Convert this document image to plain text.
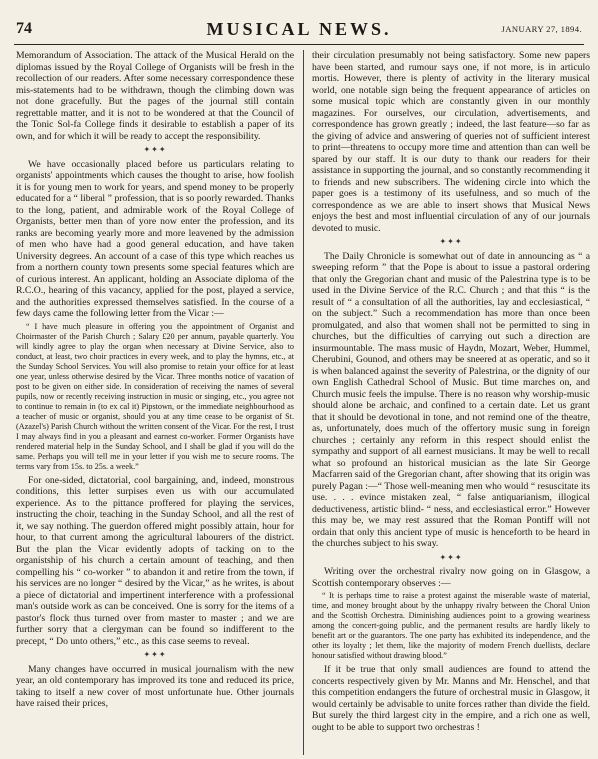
74	MUSICAL NEWS.	JANUARY 27, 1894.

Memorandum of Association. The attack of the Musical Herald on the diplomas issued by the Royal College of Organists will be fresh in the recollection of our readers. After some necessary correspondence these mis-statements had to be withdrawn, though the climbing down was not done gracefully. But the pages of the journal still contain regrettable matter, and it is not to be wondered at that the Council of the Tonic Sol-fa College finds it desirable to establish a paper of its own, and for which it will be ready to accept the responsibility.

✦✦✦

We have occasionally placed before us particulars relating to organists' appointments which causes the thought to arise, how foolish it is for young men to work for years, and spend money to be properly educated for a “ liberal ” profession, that is so poorly rewarded. Thanks to the long, patient, and admirable work of the Royal College of Organists, better men than of yore now enter the profession, and its ranks are becoming yearly more and more leavened by the admission of men who have had a good general education, and have taken University degrees. An account of a case of this type which reaches us from a northern county town presents some special features which are of curious interest. An applicant, holding an Associate diploma of the R.C.O., hearing of this vacancy, applied for the post, played a service, and the authorities expressed themselves satisfied. In the course of a few days came the following letter from the Vicar :—

“ I have much pleasure in offering you the appointment of Organist and Choirmaster of the Parish Church ; Salary £20 per annum, payable quarterly. You will kindly agree to play the organ when necessary at Divine Service, also to conduct, at least, two choir practices in every week, and to play the hymns, etc., at the Sunday School Services. You will also promise to retain your office for at least one year, unless otherwise desired by the Vicar. Three months notice of vacation of post to be given on either side. In consideration of receiving the names of several pupils, now or recently receiving instruction in music or singing, etc., you agree not to continue to remain in (to ex cal it) Pipstown, or the immediate neighbourhood as a teacher of music or organist, should you at any time cease to be organist of St. (Azazel's) Parish Church without the written consent of the Vicar. For the rest, I trust I may always find in you a pleasant and earnest co-worker. Former Organists have rendered material help in the Sunday School, and I shall be glad if you will do the same. Perhaps you will tell me in your letter if you wish me to secure rooms. The terms vary from 15s. to 25s. a week.”

For one-sided, dictatorial, cool bargaining, and, indeed, monstrous conditions, this letter surpises even us with our accumulated experience. As to the pittance proffered for playing the services, instructing the choir, teaching in the Sunday School, and all the rest of it, we say nothing. The guerdon offered might possibly attain, hour for hour, to that current among the agricultural labourers of the district. But the plan the Vicar evidently adopts of tacking on to the organistship of his church a certain amount of teaching, and then compelling his “ co-worker ” to abandon it and retire from the town, if his services are no longer “ desired by the Vicar,” as he writes, is about a piece of dictatorial and impertinent interference with a professional man's outside work as can be conceived. One is sorry for the items of a pastor's flock thus turned over from master to master ; and we are further sorry that a clergyman can be found so indifferent to the precept, “ Do unto others,” etc., as this case seems to reveal.

✦✦✦

Many changes have occurred in musical journalism with the new year, an old contemporary has improved its tone and reduced its price, taking to itself a new cover of most unfortunate hue. Other journals have raised their prices,

their circulation presumably not being satisfactory. Some new papers have been started, and rumour says one, if not more, is in articulo mortis. However, there is plenty of activity in the literary musical world, one notable sign being the frequent appearance of articles on some musical topic which are constantly given in our monthly magazines. For ourselves, our circulation, advertisements, and correspondence has grown greatly ; indeed, the last feature—so far as the giving of advice and answering of queries not of sufficient interest to print—threatens to occupy more time and attention than can well be spared by our staff. It is our duty to thank our readers for their assistance in supporting the journal, and so constantly recommending it to friends and new subscribers. The widening circle into which the paper goes is a testimony of its usefulness, and so much of the correspondence as we are able to insert shows that Musical News enjoys the best and most influential circulation of any of our journals devoted to music.

✦✦✦

The Daily Chronicle is somewhat out of date in announcing as “ a sweeping reform ” that the Pope is about to issue a pastoral ordering that only the Gregorian chant and music of the Palestrina type is to be used in the Divine Service of the R.C. Church ; and that this “ is the result of “ a consultation of all the authorities, lay and ecclesiastical, “ on the subject.” Such a recommendation has more than once been promulgated, and also that women shall not be permitted to sing in churches, but the difficulties of carrying out such a direction are insurmountable. The mass music of Haydn, Mozart, Weber, Hummel, Cherubini, Gounod, and others may be sneered at as operatic, and so it is when balanced against the severity of Palestrina, or the dignity of our own English Cathedral School of Music. But time marches on, and Church music feels the impulse. There is no reason why worship-music should alone be archaic, and confined to a certain date. Let us grant that it should be devotional in tone, and not remind one of the theatre, as, unfortunately, does much of the offertory music sung in foreign churches ; certainly any reform in this respect should enlist the sympathy and support of all earnest musicians. It may be well to recall what so profound an historical musician as the late Sir George Macfarren said of the Gregorian chant, after showing that its origin was purely Pagan :—“ Those well-meaning men who would “ resuscitate its use. . . . evince mistaken zeal, “ false antiquarianism, illogical deductiveness, artistic blind- “ ness, and ecclesiastical error.” However this may be, we may rest assured that the Roman Pontiff will not ordain that only this ancient type of music is henceforth to be heard in the churches subject to his sway.

✦✦✦

Writing over the orchestral rivalry now going on in Glasgow, a Scottish contemporary observes :—

“ It is perhaps time to raise a protest against the miserable waste of material, time, and money brought about by the unhappy rivalry between the Choral Union and the Scottish Orchestra. Diminishing audiences point to a growing weariness among the concert-going public, and the permanent results are hardly likely to benefit art or the guarantors. The one party has exhibited its independence, and the other its loyalty ; let them, like the majority of modern French duellists, declare honour satisfied without drawing blood.”

If it be true that only small audiences are found to attend the concerts respectively given by Mr. Manns and Mr. Henschel, and that this competition endangers the future of orchestral music in Glasgow, it would certainly be advisable to unite forces rather than divide the field. But surely the third largest city in the empire, and a rich one as well, ought to be able to support two orchestras !
